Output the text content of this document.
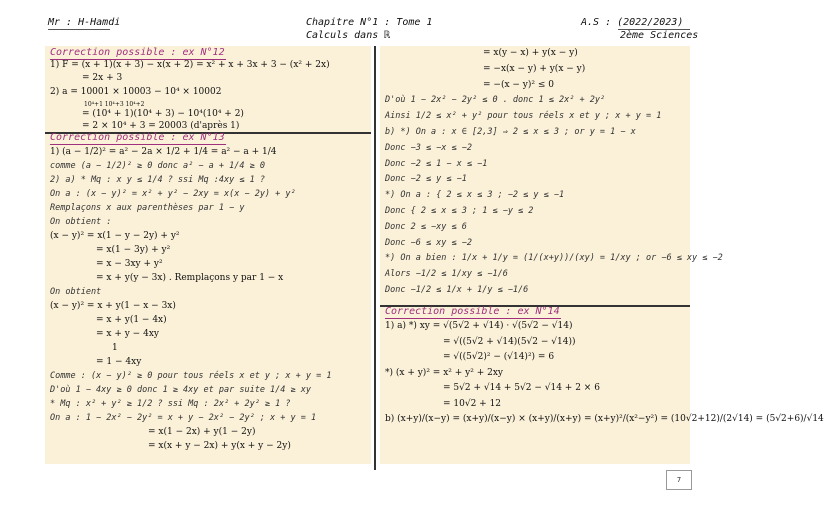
Mr : H-Hamdi	Chapitre N°1 : Tome 1
Calculs dans ℝ
A.S : (2022/2023)
2ème Sciences
Correction possible : ex N°12
1) F = (x + 1)(x + 3) − x(x + 2) = x² + x + 3x + 3 − (x² + 2x)
= 2x + 3
2) a = 10001 × 10003 − 10⁴ × 10002
10⁴+1 10⁴+3 10⁴+2
= (10⁴ + 1)(10⁴ + 3) − 10⁴(10⁴ + 2)
= 2 × 10⁴ + 3 = 20003 (d'après 1)
Correction possible : ex N°13
1) (a − 1/2)² = a² − 2a × 1/2 + 1/4 = a² − a + 1/4
comme (a − 1/2)² ≥ 0 donc a² − a + 1/4 ≥ 0
2) a) * Mq : x y ≤ 1/4 ? ssi Mq :4xy ≤ 1 ?
On a : (x − y)² = x² + y² − 2xy = x(x − 2y) + y²
Remplaçons x aux parenthèses par 1 − y
On obtient :
(x − y)² = x(1 − y − 2y) + y²
= x(1 − 3y) + y²
= x − 3xy + y²
= x + y(y − 3x) . Remplaçons y par 1 − x
On obtient
(x − y)² = x + y(1 − x − 3x)
= x + y(1 − 4x)
= x + y − 4xy
1
= 1 − 4xy
Comme : (x − y)² ≥ 0 pour tous réels x et y ; x + y = 1
D'où 1 − 4xy ≥ 0 donc 1 ≥ 4xy et par suite 1/4 ≥ xy
* Mq : x² + y² ≥ 1/2 ? ssi Mq : 2x² + 2y² ≥ 1 ?
On a : 1 − 2x² − 2y² = x + y − 2x² − 2y² ; x + y = 1
= x(1 − 2x) + y(1 − 2y)
= x(x + y − 2x) + y(x + y − 2y)
= x(y − x) + y(x − y)
= −x(x − y) + y(x − y)
= −(x − y)² ≤ 0
D'où 1 − 2x² − 2y² ≤ 0 . donc 1 ≤ 2x² + 2y²
Ainsi 1/2 ≤ x² + y² pour tous réels x et y ; x + y = 1
b) *) On a : x ∈ [2,3] ⇒ 2 ≤ x ≤ 3 ; or y = 1 − x
Donc −3 ≤ −x ≤ −2
Donc −2 ≤ 1 − x ≤ −1
Donc −2 ≤ y ≤ −1
*) On a : { 2 ≤ x ≤ 3 ; −2 ≤ y ≤ −1
Donc { 2 ≤ x ≤ 3 ; 1 ≤ −y ≤ 2
Donc 2 ≤ −xy ≤ 6
Donc −6 ≤ xy ≤ −2
*) On a bien : 1/x + 1/y = (1/(x+y))/(xy) = 1/xy ; or −6 ≤ xy ≤ −2
Alors −1/2 ≤ 1/xy ≤ −1/6
Donc −1/2 ≤ 1/x + 1/y ≤ −1/6
Correction possible : ex N°14
1) a) *) xy = √(5√2 + √14) · √(5√2 − √14)
= √((5√2 + √14)(5√2 − √14))
= √((5√2)² − (√14)²) = 6
*) (x + y)² = x² + y² + 2xy
= 5√2 + √14 + 5√2 − √14 + 2 × 6
= 10√2 + 12
b) (x+y)/(x−y) = (x+y)/(x−y) × (x+y)/(x+y) = (x+y)²/(x²−y²) = (10√2+12)/(2√14) = (5√2+6)/√14
7
